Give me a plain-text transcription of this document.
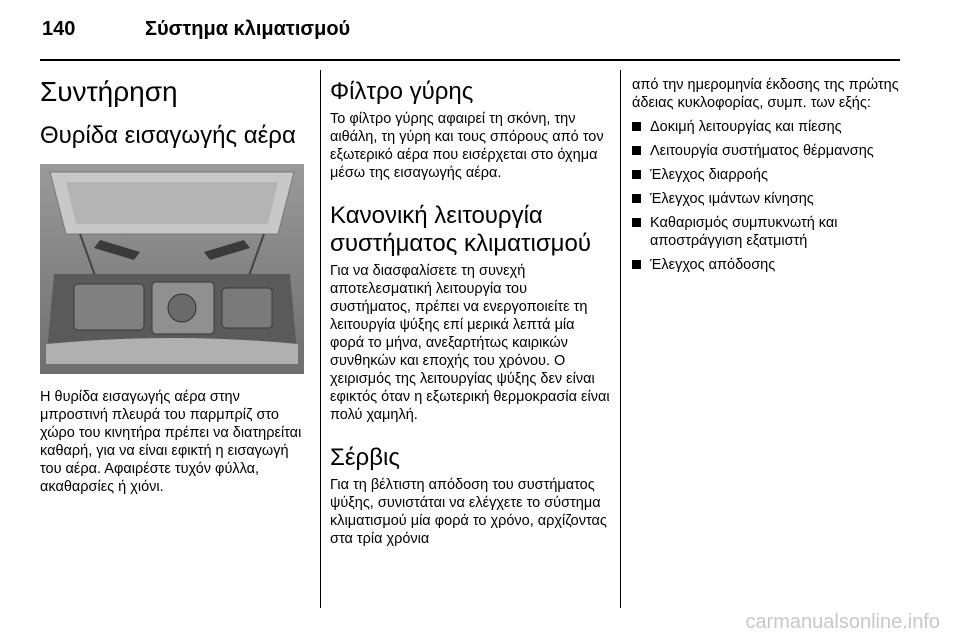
140	Σύστημα κλιματισμού
Συντήρηση
Θυρίδα εισαγωγής αέρα

Η θυρίδα εισαγωγής αέρα στην μπροστινή πλευρά του παρμπρίζ στο χώρο του κινητήρα πρέπει να διατηρείται καθαρή, για να είναι εφικτή η εισαγωγή του αέρα. Αφαιρέστε τυχόν φύλλα, ακαθαρσίες ή χιόνι.

Φίλτρο γύρης

Το φίλτρο γύρης αφαιρεί τη σκόνη, την αιθάλη, τη γύρη και τους σπόρους από τον εξωτερικό αέρα που εισέρχεται στο όχημα μέσω της εισαγωγής αέρα.

Κανονική λειτουργία συστήματος κλιματισμού

Για να διασφαλίσετε τη συνεχή αποτελεσματική λειτουργία του συστήματος, πρέπει να ενεργοποιείτε τη λειτουργία ψύξης επί μερικά λεπτά μία φορά το μήνα, ανεξαρτήτως καιρικών συνθηκών και εποχής του χρόνου. Ο χειρισμός της λειτουργίας ψύξης δεν είναι εφικτός όταν η εξωτερική θερμοκρασία είναι πολύ χαμηλή.

Σέρβις

Για τη βέλτιστη απόδοση του συστήματος ψύξης, συνιστάται να ελέγχετε το σύστημα κλιματισμού μία φορά το χρόνο, αρχίζοντας στα τρία χρόνια

από την ημερομηνία έκδοσης της πρώτης άδειας κυκλοφορίας, συμπ. των εξής:

Δοκιμή λειτουργίας και πίεσης
Λειτουργία συστήματος θέρμανσης
Έλεγχος διαρροής
Έλεγχος ιμάντων κίνησης
Καθαρισμός συμπυκνωτή και αποστράγγιση εξατμιστή
Έλεγχος απόδοσης
carmanualsonline.info
